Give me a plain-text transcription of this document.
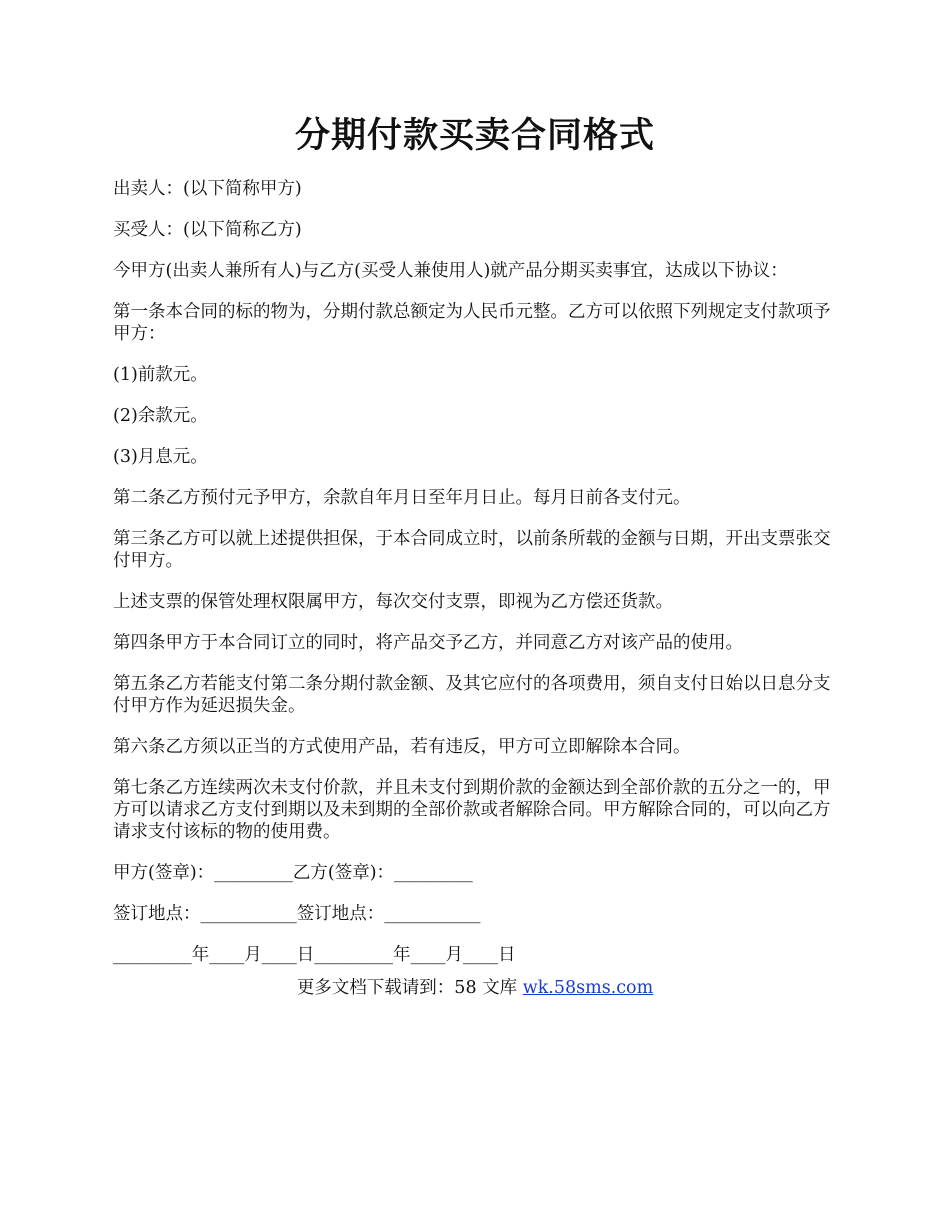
分期付款买卖合同格式

出卖人：(以下简称甲方)

买受人：(以下简称乙方)

今甲方(出卖人兼所有人)与乙方(买受人兼使用人)就产品分期买卖事宜，达成以下协议：

第一条本合同的标的物为，分期付款总额定为人民币元整。乙方可以依照下列规定支付款项予甲方：

(1)前款元。

(2)余款元。

(3)月息元。

第二条乙方预付元予甲方，余款自年月日至年月日止。每月日前各支付元。

第三条乙方可以就上述提供担保，于本合同成立时，以前条所载的金额与日期，开出支票张交付甲方。

上述支票的保管处理权限属甲方，每次交付支票，即视为乙方偿还货款。

第四条甲方于本合同订立的同时，将产品交予乙方，并同意乙方对该产品的使用。

第五条乙方若能支付第二条分期付款金额、及其它应付的各项费用，须自支付日始以日息分支付甲方作为延迟损失金。

第六条乙方须以正当的方式使用产品，若有违反，甲方可立即解除本合同。

第七条乙方连续两次未支付价款，并且未支付到期价款的金额达到全部价款的五分之一的，甲方可以请求乙方支付到期以及未到期的全部价款或者解除合同。甲方解除合同的，可以向乙方请求支付该标的物的使用费。

甲方(签章)：_________乙方(签章)：_________

签订地点：___________签订地点：___________

_________年____月____日_________年____月____日

更多文档下载请到：58 文库 wk.58sms.com
